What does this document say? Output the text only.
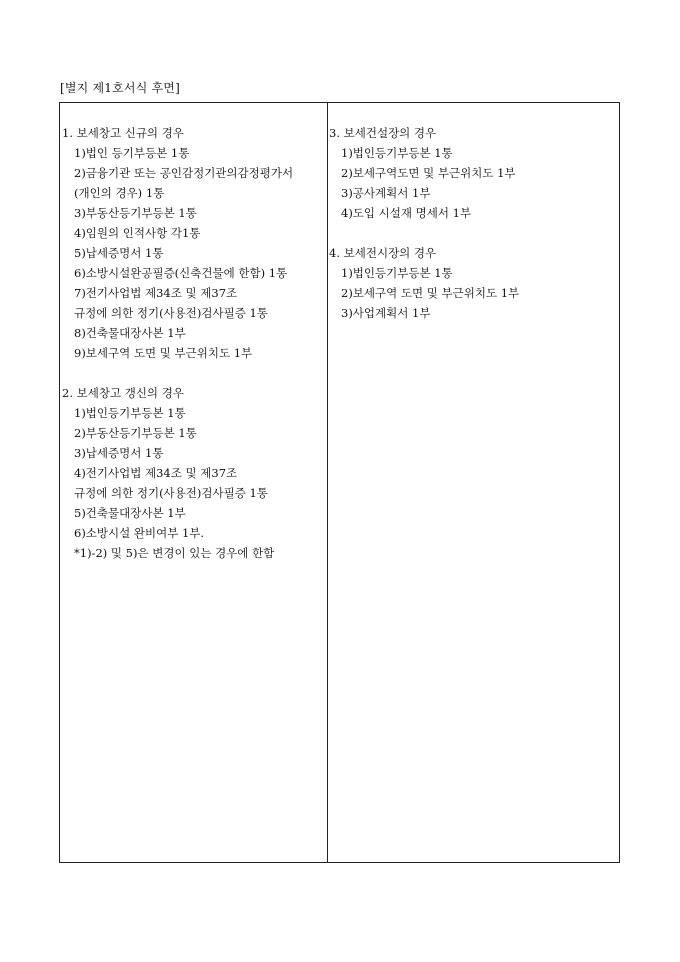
[별지 제1호서식 후면]
1. 보세창고 신규의 경우
1)법인 등기부등본 1통
2)금융기관 또는 공인감정기관의감정평가서
(개인의 경우) 1통
3)부동산등기부등본 1통
4)임원의 인적사항 각1통
5)납세증명서 1통
6)소방시설완공필증(신축건물에 한함) 1통
7)전기사업법 제34조 및 제37조
규정에 의한 정기(사용전)검사필증 1통
8)건축물대장사본 1부
9)보세구역 도면 및 부근위치도 1부
2. 보세창고 갱신의 경우
1)법인등기부등본 1통
2)부동산등기부등본 1통
3)납세증명서 1통
4)전기사업법 제34조 및 제37조
규정에 의한 정기(사용전)검사필증 1통
5)건축물대장사본 1부
6)소방시설 완비여부 1부.
*1)-2) 및 5)은 변경이 있는 경우에 한함
3. 보세건설장의 경우
1)법인등기부등본 1통
2)보세구역도면 및 부근위치도 1부
3)공사계획서 1부
4)도입 시설재 명세서 1부
4. 보세전시장의 경우
1)법인등기부등본 1통
2)보세구역 도면 및 부근위치도 1부
3)사업계획서 1부
